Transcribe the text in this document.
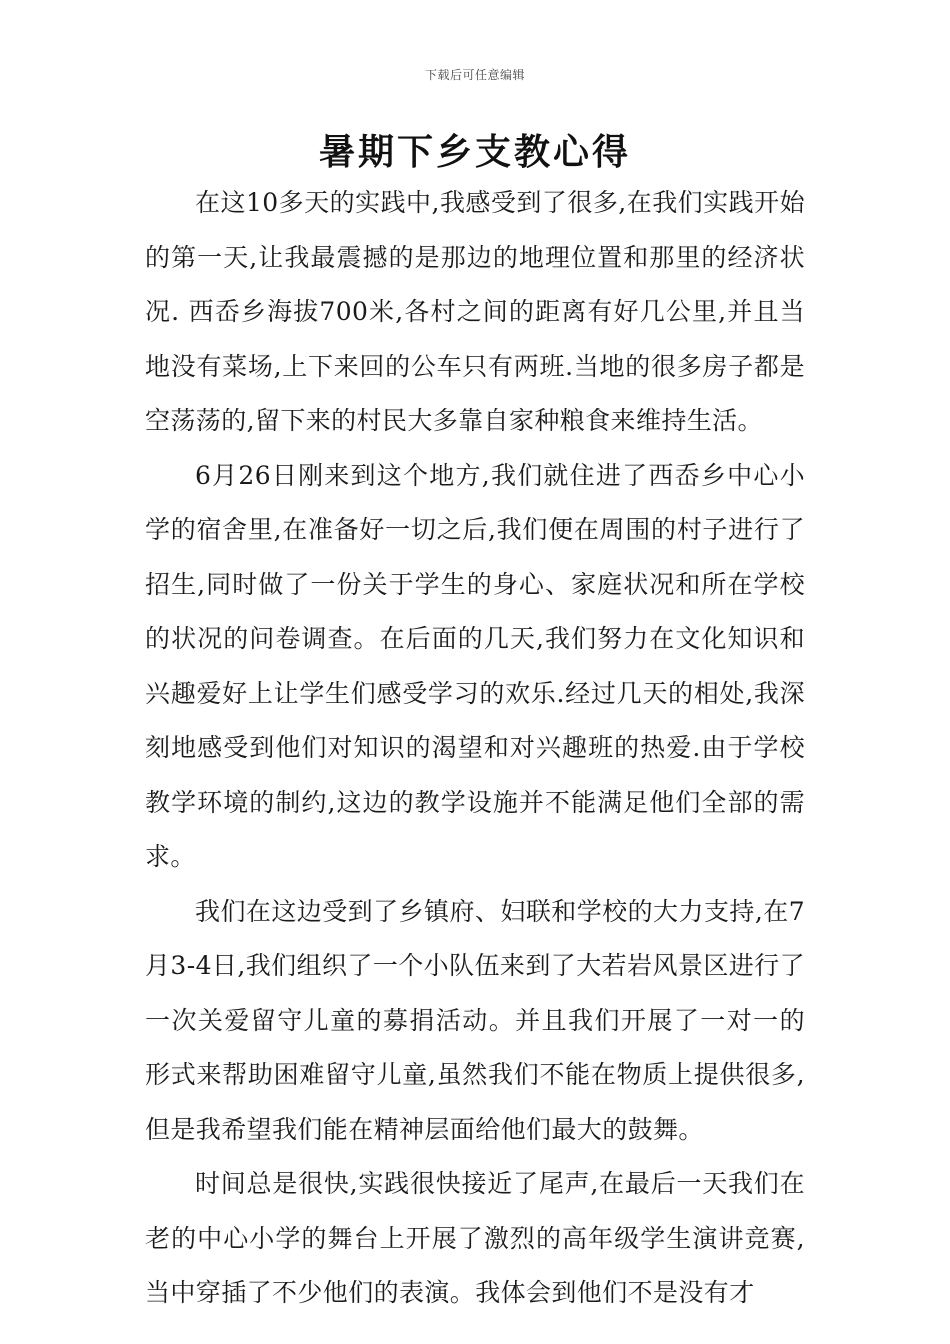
下载后可任意编辑
暑期下乡支教心得

在这10多天的实践中,我感受到了很多,在我们实践开始的第一天,让我最震撼的是那边的地理位置和那里的经济状况. 西岙乡海拔700米,各村之间的距离有好几公里,并且当地没有菜场,上下来回的公车只有两班.当地的很多房子都是空荡荡的,留下来的村民大多靠自家种粮食来维持生活。

6月26日刚来到这个地方,我们就住进了西岙乡中心小学的宿舍里,在准备好一切之后,我们便在周围的村子进行了招生,同时做了一份关于学生的身心、家庭状况和所在学校的状况的问卷调查。在后面的几天,我们努力在文化知识和兴趣爱好上让学生们感受学习的欢乐.经过几天的相处,我深刻地感受到他们对知识的渴望和对兴趣班的热爱.由于学校教学环境的制约,这边的教学设施并不能满足他们全部的需求。

我们在这边受到了乡镇府、妇联和学校的大力支持,在7月3-4日,我们组织了一个小队伍来到了大若岩风景区进行了一次关爱留守儿童的募捐活动。并且我们开展了一对一的形式来帮助困难留守儿童,虽然我们不能在物质上提供很多,但是我希望我们能在精神层面给他们最大的鼓舞。

时间总是很快,实践很快接近了尾声,在最后一天我们在老的中心小学的舞台上开展了激烈的高年级学生演讲竞赛,当中穿插了不少他们的表演。我体会到他们不是没有才
